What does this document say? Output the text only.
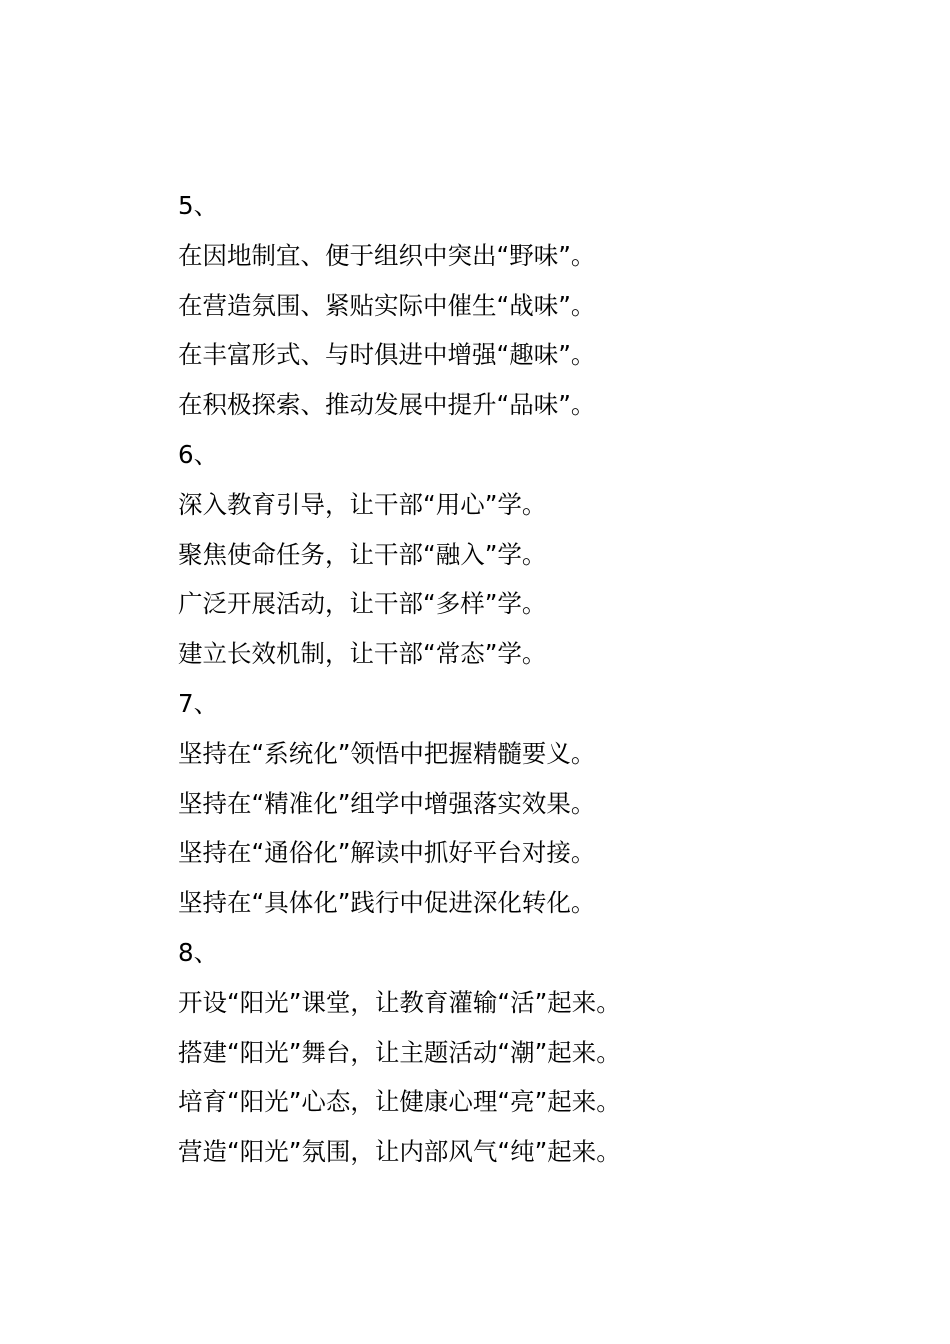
5、
在因地制宜、便于组织中突出“野味”。
在营造氛围、紧贴实际中催生“战味”。
在丰富形式、与时俱进中增强“趣味”。
在积极探索、推动发展中提升“品味”。
6、
深入教育引导，让干部“用心”学。
聚焦使命任务，让干部“融入”学。
广泛开展活动，让干部“多样”学。
建立长效机制，让干部“常态”学。
7、
坚持在“系统化”领悟中把握精髓要义。
坚持在“精准化”组学中增强落实效果。
坚持在“通俗化”解读中抓好平台对接。
坚持在“具体化”践行中促进深化转化。
8、
开设“阳光”课堂，让教育灌输“活”起来。
搭建“阳光”舞台，让主题活动“潮”起来。
培育“阳光”心态，让健康心理“亮”起来。
营造“阳光”氛围，让内部风气“纯”起来。
